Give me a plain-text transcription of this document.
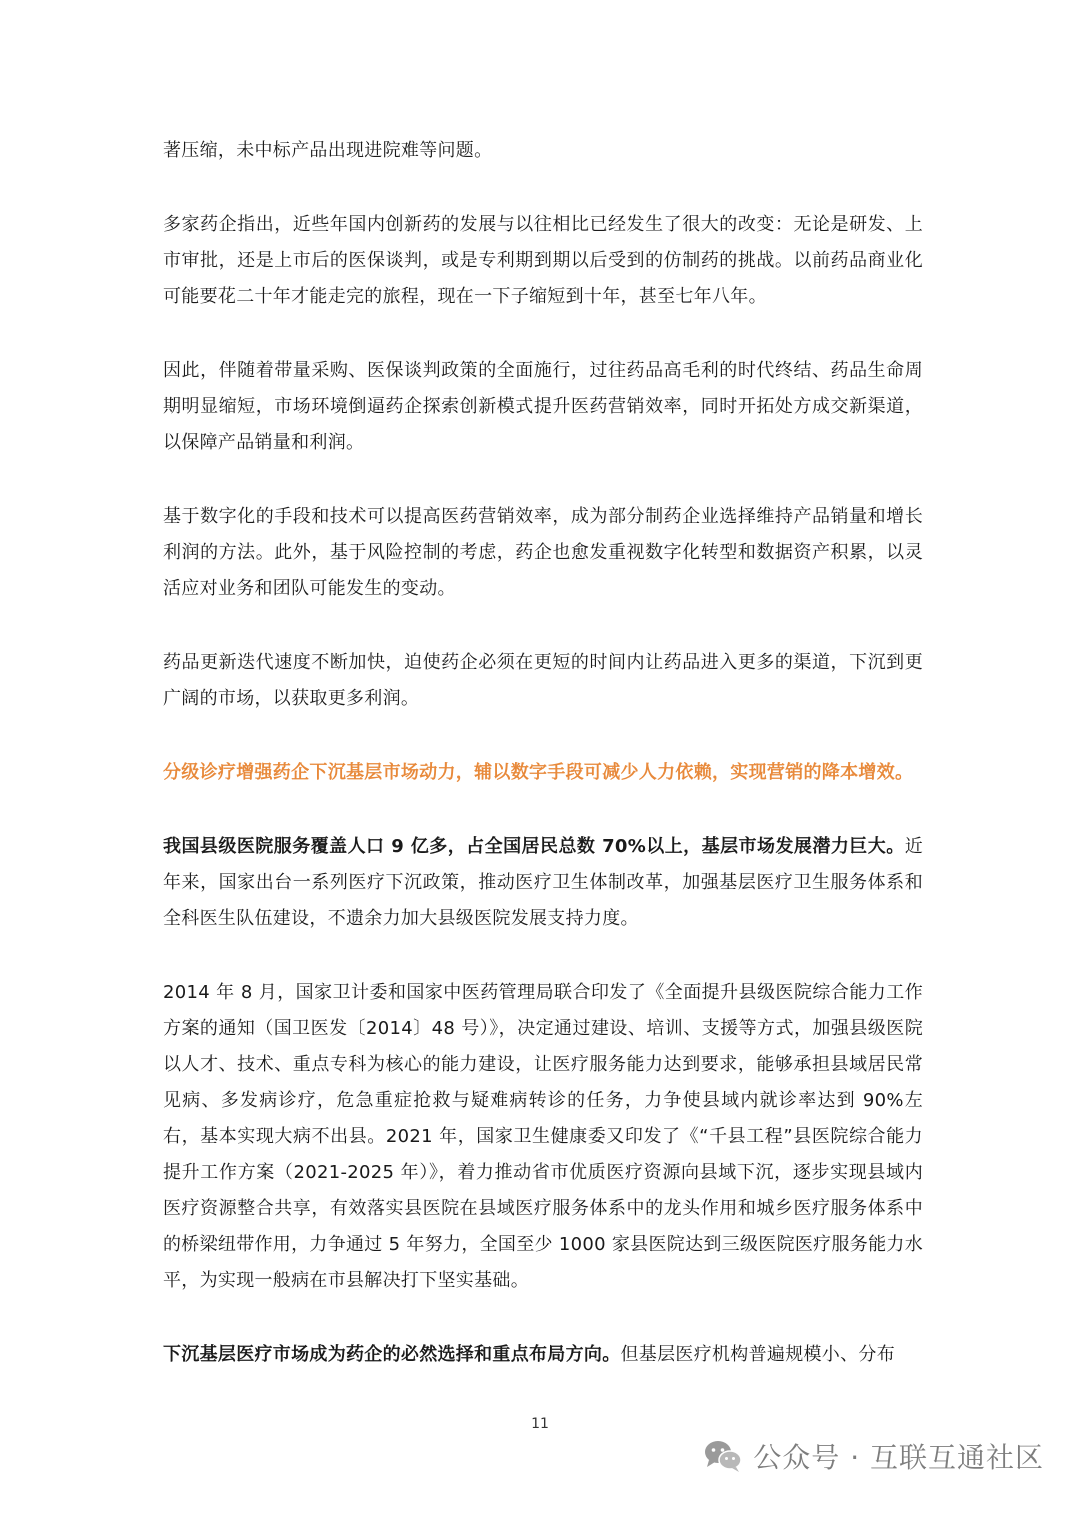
著压缩，未中标产品出现进院难等问题。

多家药企指出，近些年国内创新药的发展与以往相比已经发生了很大的改变：无论是研发、上市审批，还是上市后的医保谈判，或是专利期到期以后受到的仿制药的挑战。以前药品商业化可能要花二十年才能走完的旅程，现在一下子缩短到十年，甚至七年八年。

因此，伴随着带量采购、医保谈判政策的全面施行，过往药品高毛利的时代终结、药品生命周期明显缩短，市场环境倒逼药企探索创新模式提升医药营销效率，同时开拓处方成交新渠道，以保障产品销量和利润。

基于数字化的手段和技术可以提高医药营销效率，成为部分制药企业选择维持产品销量和增长利润的方法。此外，基于风险控制的考虑，药企也愈发重视数字化转型和数据资产积累，以灵活应对业务和团队可能发生的变动。

药品更新迭代速度不断加快，迫使药企必须在更短的时间内让药品进入更多的渠道，下沉到更广阔的市场，以获取更多利润。

分级诊疗增强药企下沉基层市场动力，辅以数字手段可减少人力依赖，实现营销的降本增效。

我国县级医院服务覆盖人口 9 亿多，占全国居民总数 70%以上，基层市场发展潜力巨大。近年来，国家出台一系列医疗下沉政策，推动医疗卫生体制改革，加强基层医疗卫生服务体系和全科医生队伍建设，不遗余力加大县级医院发展支持力度。

2014 年 8 月，国家卫计委和国家中医药管理局联合印发了《全面提升县级医院综合能力工作方案的通知（国卫医发〔2014〕48 号）》，决定通过建设、培训、支援等方式，加强县级医院以人才、技术、重点专科为核心的能力建设，让医疗服务能力达到要求，能够承担县域居民常见病、多发病诊疗，危急重症抢救与疑难病转诊的任务，力争使县域内就诊率达到 90%左右，基本实现大病不出县。2021 年，国家卫生健康委又印发了《“千县工程”县医院综合能力提升工作方案（2021-2025 年）》，着力推动省市优质医疗资源向县域下沉，逐步实现县域内医疗资源整合共享，有效落实县医院在县域医疗服务体系中的龙头作用和城乡医疗服务体系中的桥梁纽带作用，力争通过 5 年努力，全国至少 1000 家县医院达到三级医院医疗服务能力水平，为实现一般病在市县解决打下坚实基础。

下沉基层医疗市场成为药企的必然选择和重点布局方向。但基层医疗机构普遍规模小、分布

11
公众号 · 互联互通社区
